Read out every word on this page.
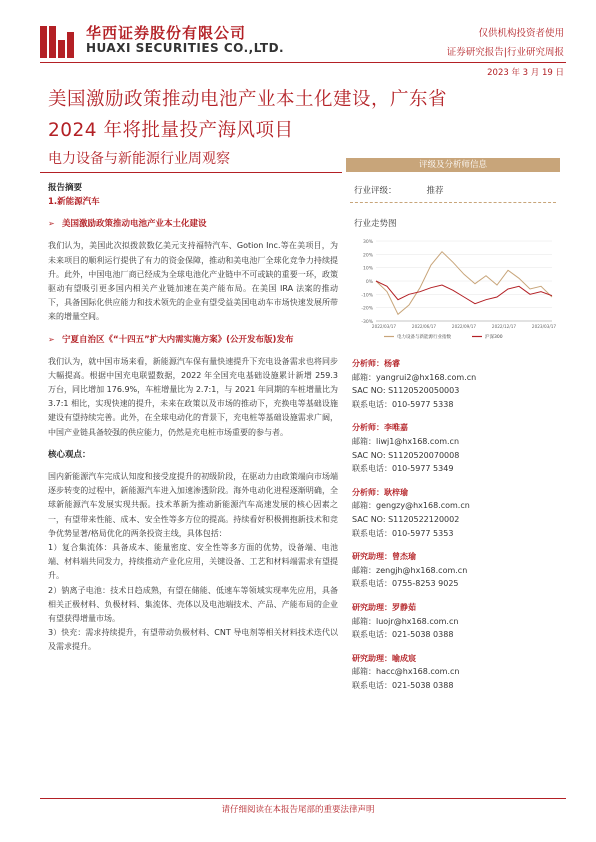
华西证券股份有限公司
HUAXI SECURITIES CO.,LTD.
仅供机构投资者使用
证券研究报告|行业研究周报
2023 年 3 月 19 日
美国激励政策推动电池产业本土化建设，广东省
2024 年将批量投产海风项目
电力设备与新能源行业周观察
报告摘要
1.新能源汽车
➢ 美国激励政策推动电池产业本土化建设

我们认为，美国此次拟拨款数亿美元支持福特汽车、Gotion Inc.等在美项目，为未来项目的顺利运行提供了有力的资金保障，推动和美电池厂全球化竞争力持续提升。此外，中国电池厂商已经成为全球电池化产业链中不可或缺的重要一环，政策驱动有望吸引更多国内相关产业链加速在美产能布局。在美国 IRA 法案的推动下，具备国际化供应能力和技术领先的企业有望受益美国电动车市场快速发展所带来的增量空间。

➢ 宁夏自治区《“十四五”扩大内需实施方案》(公开发布版)发布

我们认为，就中国市场来看，新能源汽车保有量快速提升下充电设备需求也将同步大幅提高。根据中国充电联盟数据，2022 年全国充电基础设施累计新增 259.3 万台，同比增加 176.9%，车桩增量比为 2.7:1，与 2021 年同期的车桩增量比为 3.7:1 相比，实现快速的提升，未来在政策以及市场的推动下，充换电等基础设施建设有望持续完善。此外，在全球电动化的背景下，充电桩等基础设施需求广阔，中国产业链具备较强的供应能力，仍然是充电桩市场重要的参与者。

核心观点：

国内新能源汽车完成认知度和接受度提升的初级阶段，在驱动力由政策端向市场端逐步转变的过程中，新能源汽车进入加速渗透阶段。海外电动化进程逐渐明确，全球新能源汽车发展实现共振。技术革新为推动新能源汽车高速发展的核心因素之一，有望带来性能、成本、安全性等多方位的提高。持续看好积极拥抱新技术和竞争优势显著/格局优化的两条投资主线，具体包括：

1）复合集流体：具备成本、能量密度、安全性等多方面的优势，设备端、电池端、材料端共同发力，持续推动产业化应用，关键设备、工艺和材料端需求有望提升。

2）钠离子电池：技术日趋成熟，有望在储能、低速车等领域实现率先应用，具备相关正极材料、负极材料、集流体、壳体以及电池端技术、产品、产能布局的企业有望获得增量市场。

3）快充：需求持续提升，有望带动负极材料、CNT 导电剂等相关材料技术迭代以及需求提升。

评级及分析师信息
行业评级：	推荐
行业走势图
30%
20%
10%
0%
-10%
-20%
-30%
2022/03/17	2022/06/17	2022/09/17	2022/12/17	2023/03/17
电力设备与新能源行业指数	沪深300
分析师：杨睿
邮箱：yangrui2@hx168.com.cn
SAC NO: S1120520050003
联系电话：010-5977 5338
分析师：李唯嘉
邮箱：liwj1@hx168.com.cn
SAC NO: S1120520070008
联系电话：010-5977 5349
分析师：耿梓瑜
邮箱：gengzy@hx168.com.cn
SAC NO: S1120522120002
联系电话：010-5977 5353
研究助理：曾杰瑜
邮箱：zengjh@hx168.com.cn
联系电话：0755-8253 9025
研究助理：罗静茹
邮箱：luojr@hx168.com.cn
联系电话：021-5038 0388
研究助理：喻成宸
邮箱：hacc@hx168.com.cn
联系电话：021-5038 0388
请仔细阅读在本报告尾部的重要法律声明
